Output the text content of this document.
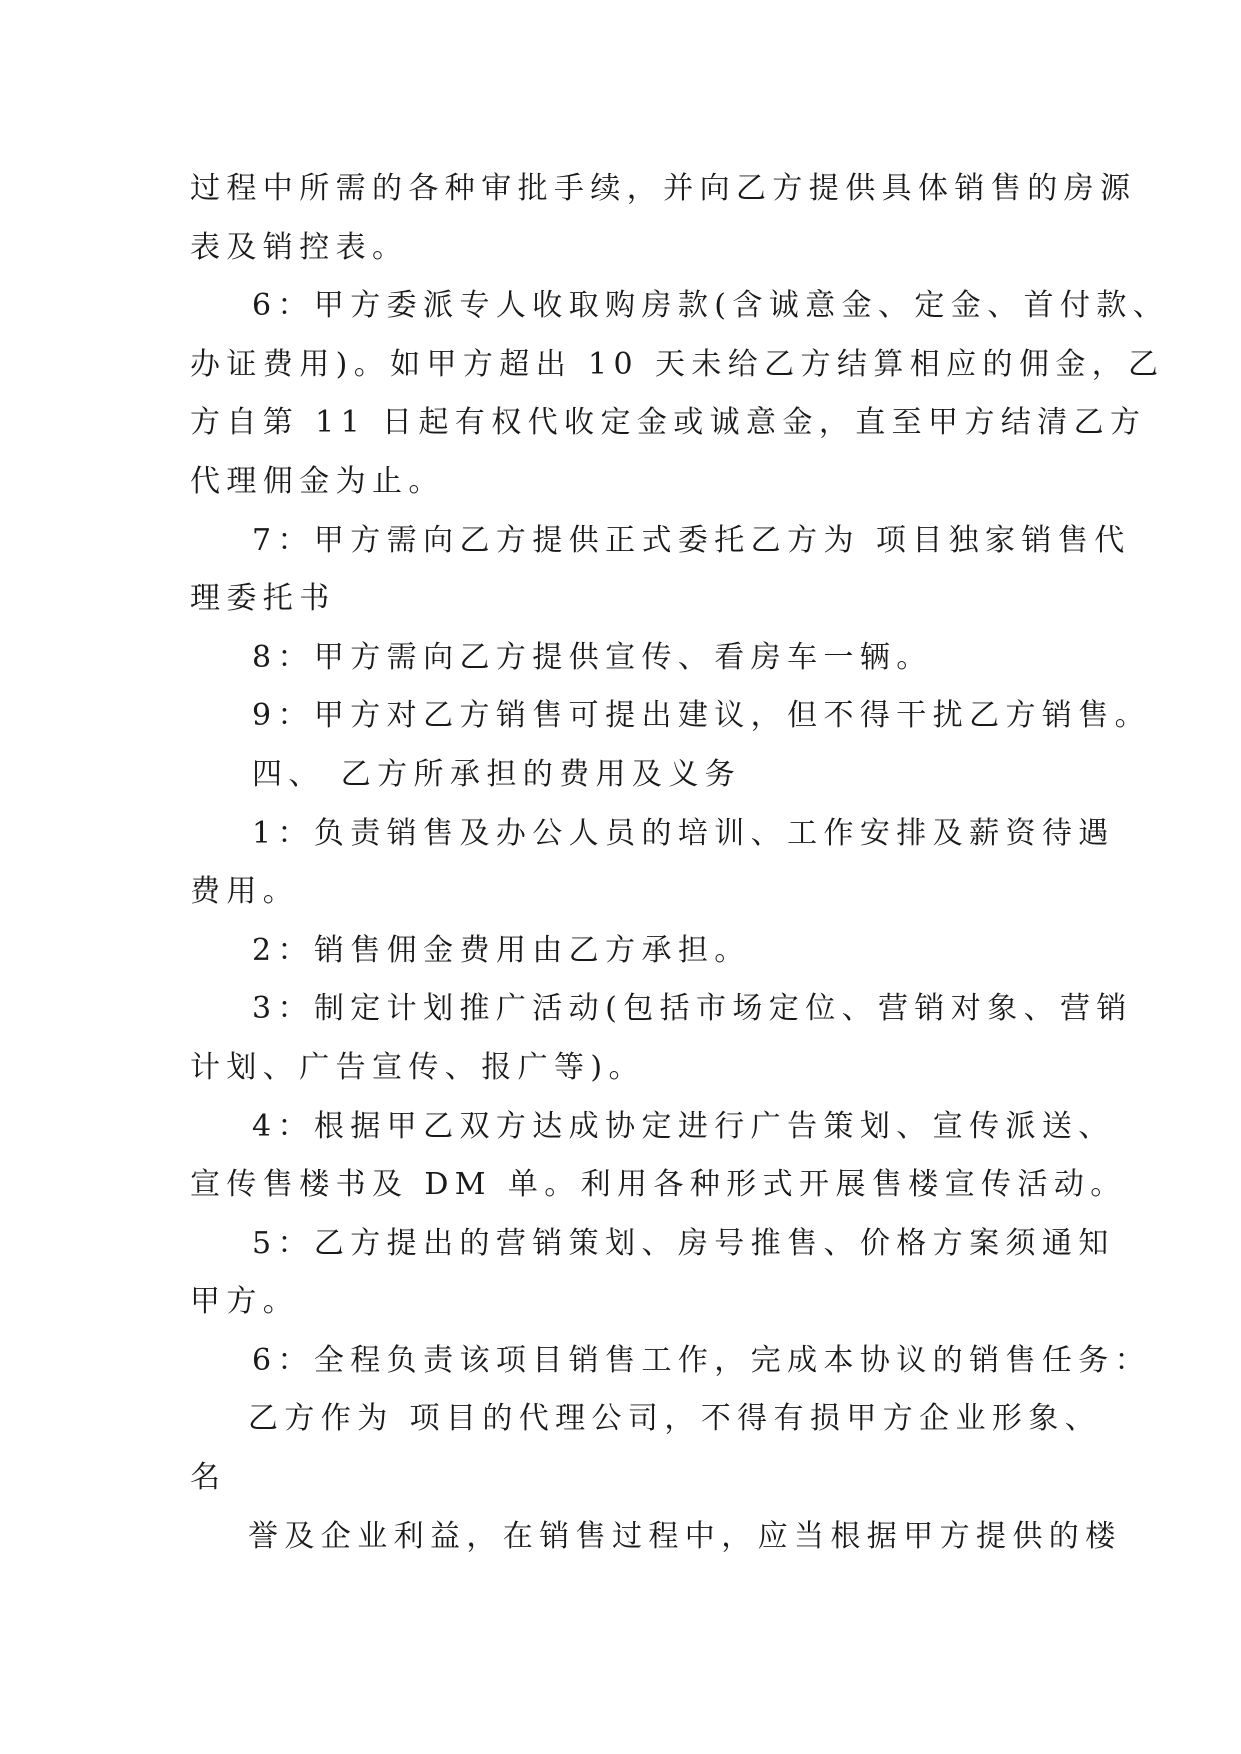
过程中所需的各种审批手续，并向乙方提供具体销售的房源
表及销控表。
6：甲方委派专人收取购房款(含诚意金、定金、首付款、
办证费用)。如甲方超出 10 天未给乙方结算相应的佣金，乙
方自第 11 日起有权代收定金或诚意金，直至甲方结清乙方
代理佣金为止。
7：甲方需向乙方提供正式委托乙方为 项目独家销售代
理委托书
8：甲方需向乙方提供宣传、看房车一辆。
9：甲方对乙方销售可提出建议，但不得干扰乙方销售。
四、 乙方所承担的费用及义务
1：负责销售及办公人员的培训、工作安排及薪资待遇
费用。
2：销售佣金费用由乙方承担。
3：制定计划推广活动(包括市场定位、营销对象、营销
计划、广告宣传、报广等)。
4：根据甲乙双方达成协定进行广告策划、宣传派送、
宣传售楼书及 DM 单。利用各种形式开展售楼宣传活动。
5：乙方提出的营销策划、房号推售、价格方案须通知
甲方。
6：全程负责该项目销售工作，完成本协议的销售任务：
乙方作为 项目的代理公司，不得有损甲方企业形象、
名
誉及企业利益，在销售过程中，应当根据甲方提供的楼
